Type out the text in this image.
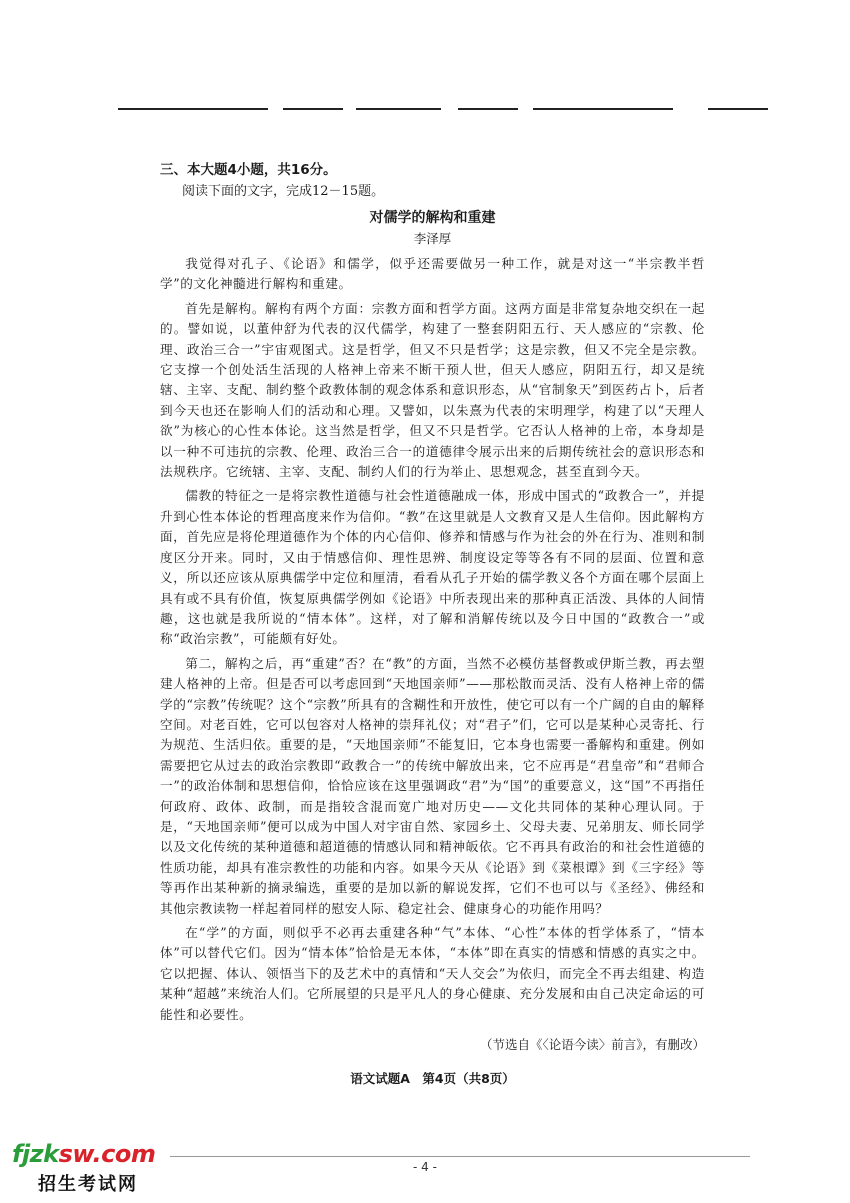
三、本大题4小题，共16分。

阅读下面的文字，完成12－15题。

对儒学的解构和重建

李泽厚

我觉得对孔子、《论语》和儒学，似乎还需要做另一种工作，就是对这一“半宗教半哲学”的文化神髓进行解构和重建。

首先是解构。解构有两个方面：宗教方面和哲学方面。这两方面是非常复杂地交织在一起的。譬如说，以董仲舒为代表的汉代儒学，构建了一整套阴阳五行、天人感应的“宗教、伦理、政治三合一”宇宙观图式。这是哲学，但又不只是哲学；这是宗教，但又不完全是宗教。它支撑一个创处活生活现的人格神上帝来不断干预人世，但天人感应，阴阳五行，却又是统辖、主宰、支配、制约整个政教体制的观念体系和意识形态，从“官制象天”到医药占卜，后者到今天也还在影响人们的活动和心理。又譬如，以朱熹为代表的宋明理学，构建了以“天理人欲”为核心的心性本体论。这当然是哲学，但又不只是哲学。它否认人格神的上帝，本身却是以一种不可违抗的宗教、伦理、政治三合一的道德律令展示出来的后期传统社会的意识形态和法规秩序。它统辖、主宰、支配、制约人们的行为举止、思想观念，甚至直到今天。

儒教的特征之一是将宗教性道德与社会性道德融成一体，形成中国式的“政教合一”，并提升到心性本体论的哲理高度来作为信仰。“教”在这里就是人文教育又是人生信仰。因此解构方面，首先应是将伦理道德作为个体的内心信仰、修养和情感与作为社会的外在行为、准则和制度区分开来。同时，又由于情感信仰、理性思辨、制度设定等等各有不同的层面、位置和意义，所以还应该从原典儒学中定位和厘清，看看从孔子开始的儒学教义各个方面在哪个层面上具有或不具有价值，恢复原典儒学例如《论语》中所表现出来的那种真正活泼、具体的人间情趣，这也就是我所说的“情本体”。这样，对了解和消解传统以及今日中国的“政教合一”或称“政治宗教”，可能颇有好处。

第二，解构之后，再“重建”否？在“教”的方面，当然不必模仿基督教或伊斯兰教，再去塑建人格神的上帝。但是否可以考虑回到“天地国亲师”——那松散而灵活、没有人格神上帝的儒学的“宗教”传统呢？这个“宗教”所具有的含糊性和开放性，使它可以有一个广阔的自由的解释空间。对老百姓，它可以包容对人格神的崇拜礼仪；对“君子”们，它可以是某种心灵寄托、行为规范、生活归依。重要的是，“天地国亲师”不能复旧，它本身也需要一番解构和重建。例如需要把它从过去的政治宗教即“政教合一”的传统中解放出来，它不应再是“君皇帝”和“君师合一”的政治体制和思想信仰，恰恰应该在这里强调政“君”为“国”的重要意义，这“国”不再指任何政府、政体、政制，而是指较含混而宽广地对历史——文化共同体的某种心理认同。于是，“天地国亲师”便可以成为中国人对宇宙自然、家园乡土、父母夫妻、兄弟朋友、师长同学以及文化传统的某种道德和超道德的情感认同和精神皈依。它不再具有政治的和社会性道德的性质功能，却具有准宗教性的功能和内容。如果今天从《论语》到《菜根谭》到《三字经》等等再作出某种新的摘录编选，重要的是加以新的解说发挥，它们不也可以与《圣经》、佛经和其他宗教读物一样起着同样的慰安人际、稳定社会、健康身心的功能作用吗？

在“学”的方面，则似乎不必再去重建各种“气”本体、“心性”本体的哲学体系了，“情本体”可以替代它们。因为“情本体”恰恰是无本体，“本体”即在真实的情感和情感的真实之中。它以把握、体认、领悟当下的及艺术中的真情和“天人交会”为依归，而完全不再去组建、构造某种“超越”来统治人们。它所展望的只是平凡人的身心健康、充分发展和由自己决定命运的可能性和必要性。

（节选自《〈论语今读〉前言》，有删改）

语文试题A　第4页（共8页）

- 4 -
fjzksw.com
招生考试网
